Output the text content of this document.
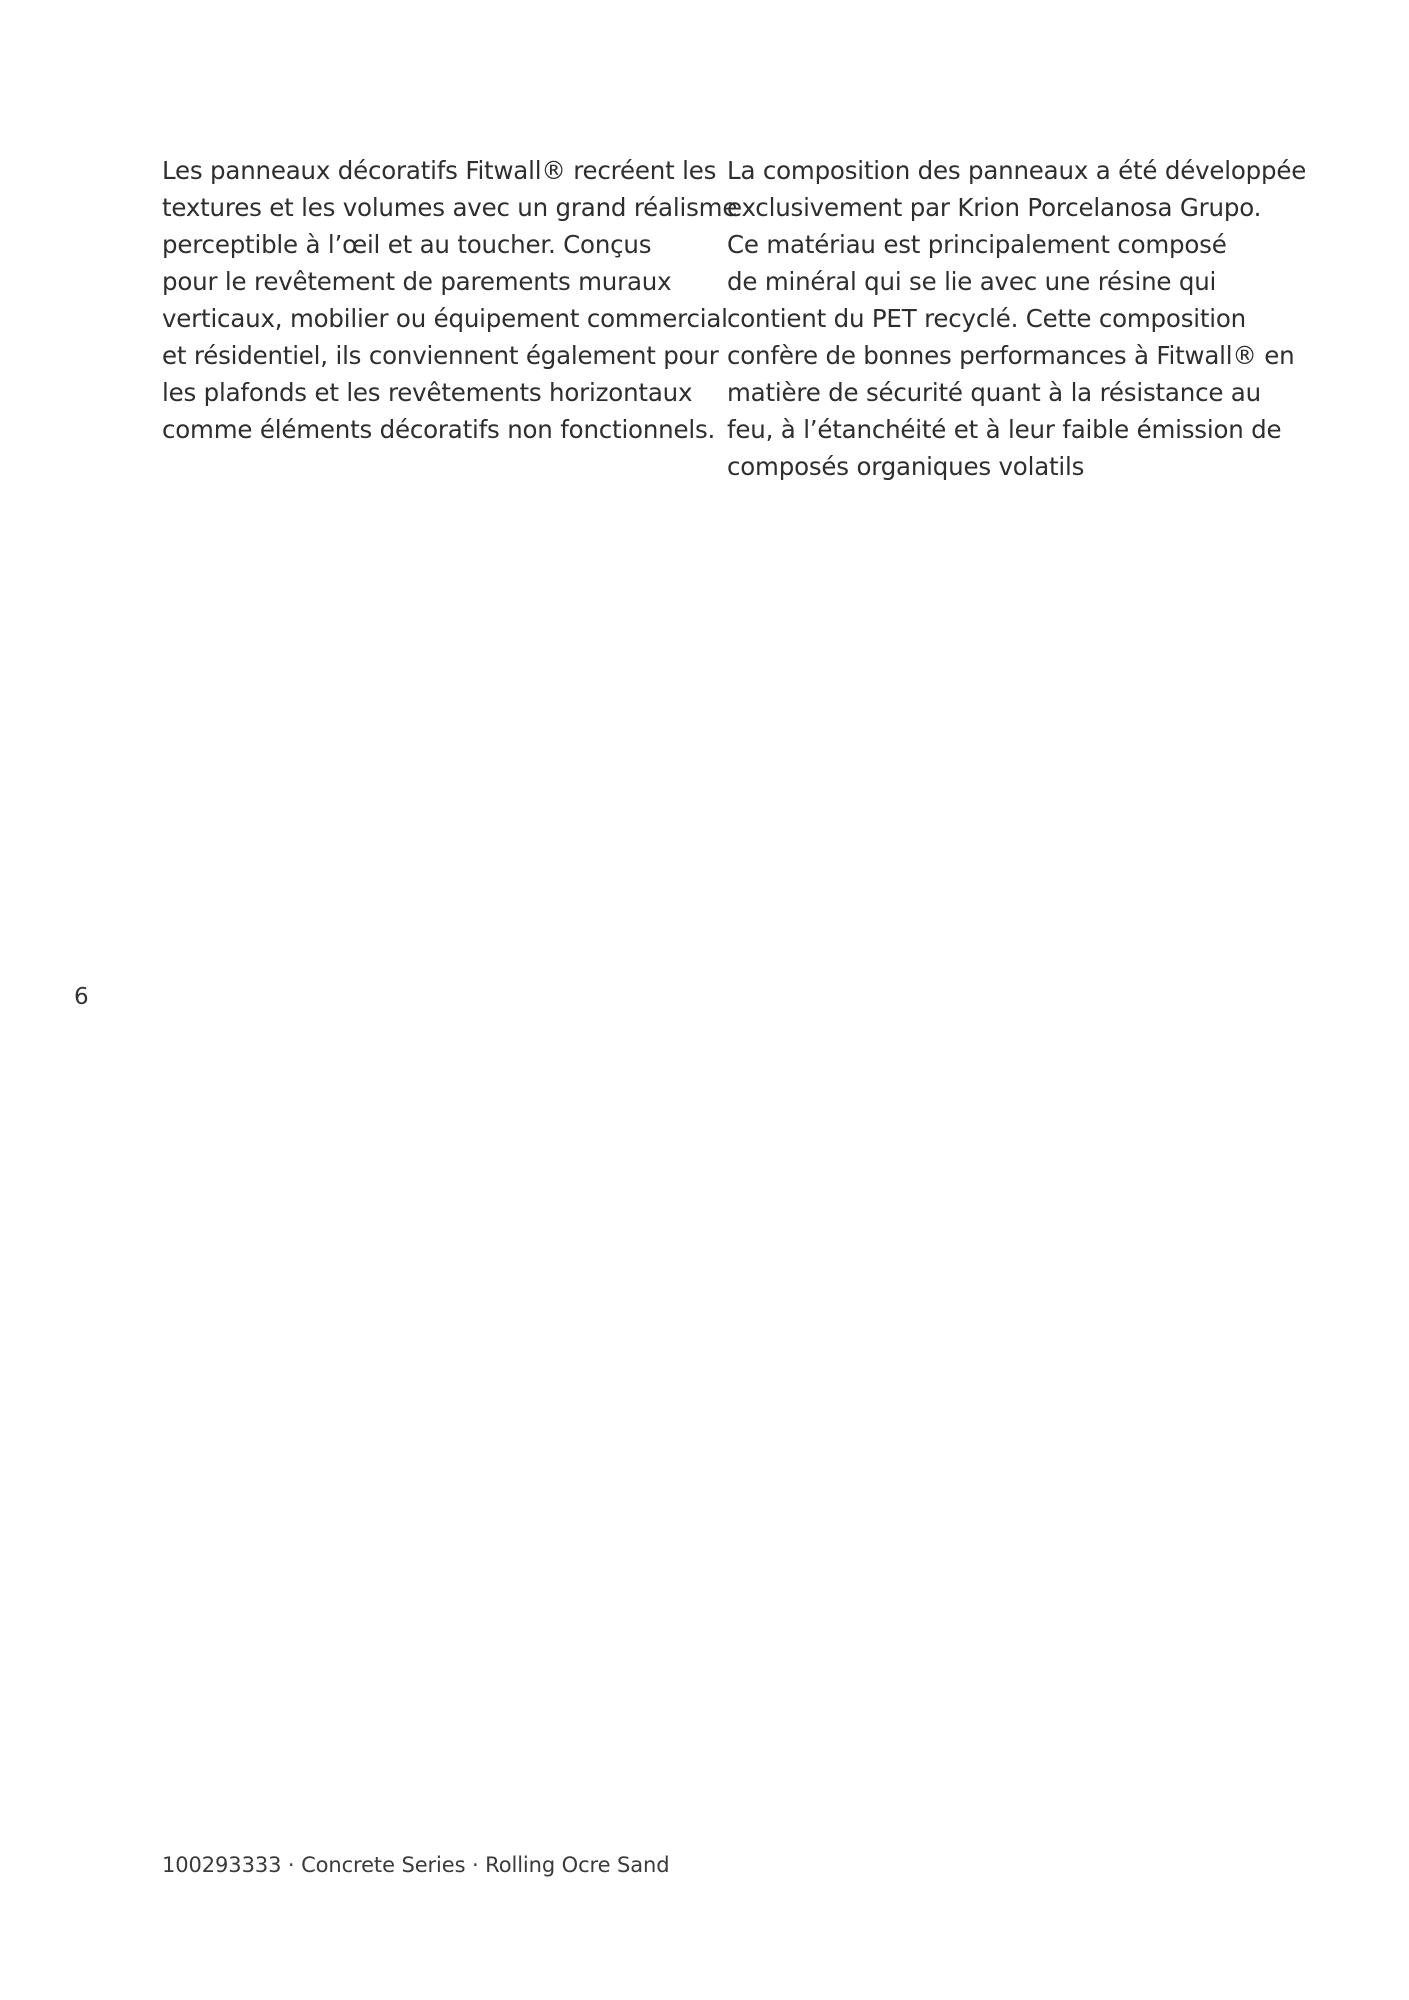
Les panneaux décoratifs Fitwall® recréent les
textures et les volumes avec un grand réalisme
perceptible à l’œil et au toucher. Conçus
pour le revêtement de parements muraux
verticaux, mobilier ou équipement commercial
et résidentiel, ils conviennent également pour
les plafonds et les revêtements horizontaux
comme éléments décoratifs non fonctionnels.
La composition des panneaux a été développée
exclusivement par Krion Porcelanosa Grupo.
Ce matériau est principalement composé
de minéral qui se lie avec une résine qui
contient du PET recyclé. Cette composition
confère de bonnes performances à Fitwall® en
matière de sécurité quant à la résistance au
feu, à l’étanchéité et à leur faible émission de
composés organiques volatils
6
100293333 · Concrete Series · Rolling Ocre Sand
